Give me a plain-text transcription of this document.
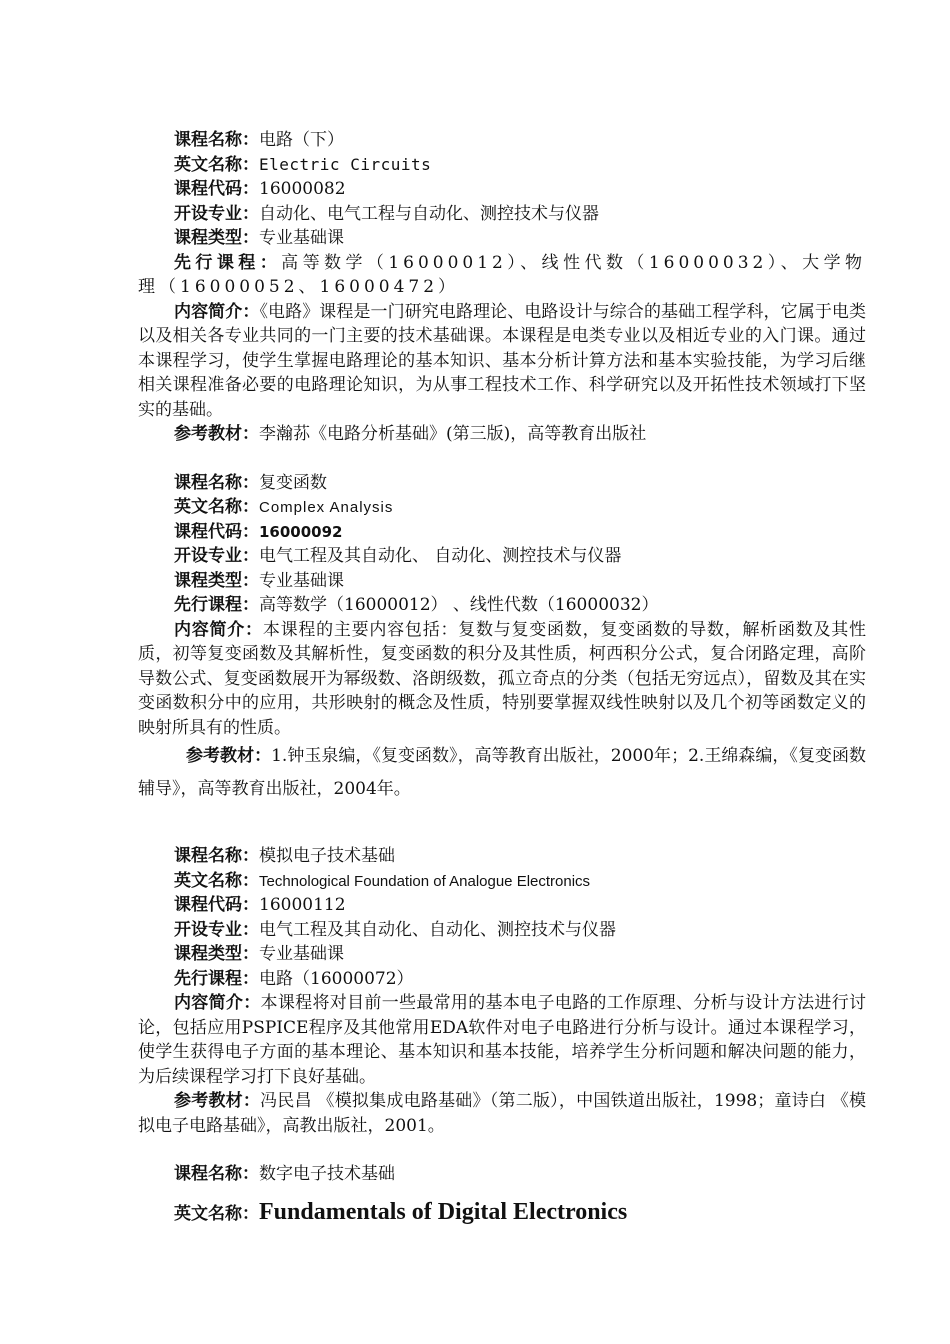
课程名称：电路（下）
英文名称：Electric Circuits
课程代码：16000082
开设专业：自动化、电气工程与自动化、测控技术与仪器
课程类型：专业基础课
先行课程：高等数学（16000012）、线性代数（16000032）、大学物理（16000052、16000472）
内容简介：《电路》课程是一门研究电路理论、电路设计与综合的基础工程学科，它属于电类以及相关各专业共同的一门主要的技术基础课。本课程是电类专业以及相近专业的入门课。通过本课程学习，使学生掌握电路理论的基本知识、基本分析计算方法和基本实验技能，为学习后继相关课程准备必要的电路理论知识，为从事工程技术工作、科学研究以及开拓性技术领域打下坚实的基础。
参考教材：李瀚荪《电路分析基础》(第三版)，高等教育出版社
课程名称：复变函数
英文名称：Complex Analysis
课程代码：16000092
开设专业：电气工程及其自动化、 自动化、测控技术与仪器
课程类型：专业基础课
先行课程：高等数学（16000012） 、线性代数（16000032）
内容简介：本课程的主要内容包括：复数与复变函数，复变函数的导数，解析函数及其性质，初等复变函数及其解析性，复变函数的积分及其性质，柯西积分公式，复合闭路定理，高阶导数公式、复变函数展开为幂级数、洛朗级数，孤立奇点的分类（包括无穷远点），留数及其在实变函数积分中的应用，共形映射的概念及性质，特别要掌握双线性映射以及几个初等函数定义的映射所具有的性质。
参考教材：1.钟玉泉编，《复变函数》，高等教育出版社，2000年；2.王绵森编，《复变函数辅导》，高等教育出版社，2004年。
课程名称：模拟电子技术基础
英文名称：Technological Foundation of Analogue Electronics
课程代码：16000112
开设专业：电气工程及其自动化、自动化、测控技术与仪器
课程类型：专业基础课
先行课程：电路（16000072）
内容简介：本课程将对目前一些最常用的基本电子电路的工作原理、分析与设计方法进行讨论，包括应用PSPICE程序及其他常用EDA软件对电子电路进行分析与设计。通过本课程学习，使学生获得电子方面的基本理论、基本知识和基本技能，培养学生分析问题和解决问题的能力，为后续课程学习打下良好基础。
参考教材：冯民昌 《模拟集成电路基础》（第二版），中国铁道出版社，1998；童诗白 《模拟电子电路基础》，高教出版社，2001。
课程名称：数字电子技术基础
英文名称：Fundamentals of Digital Electronics
